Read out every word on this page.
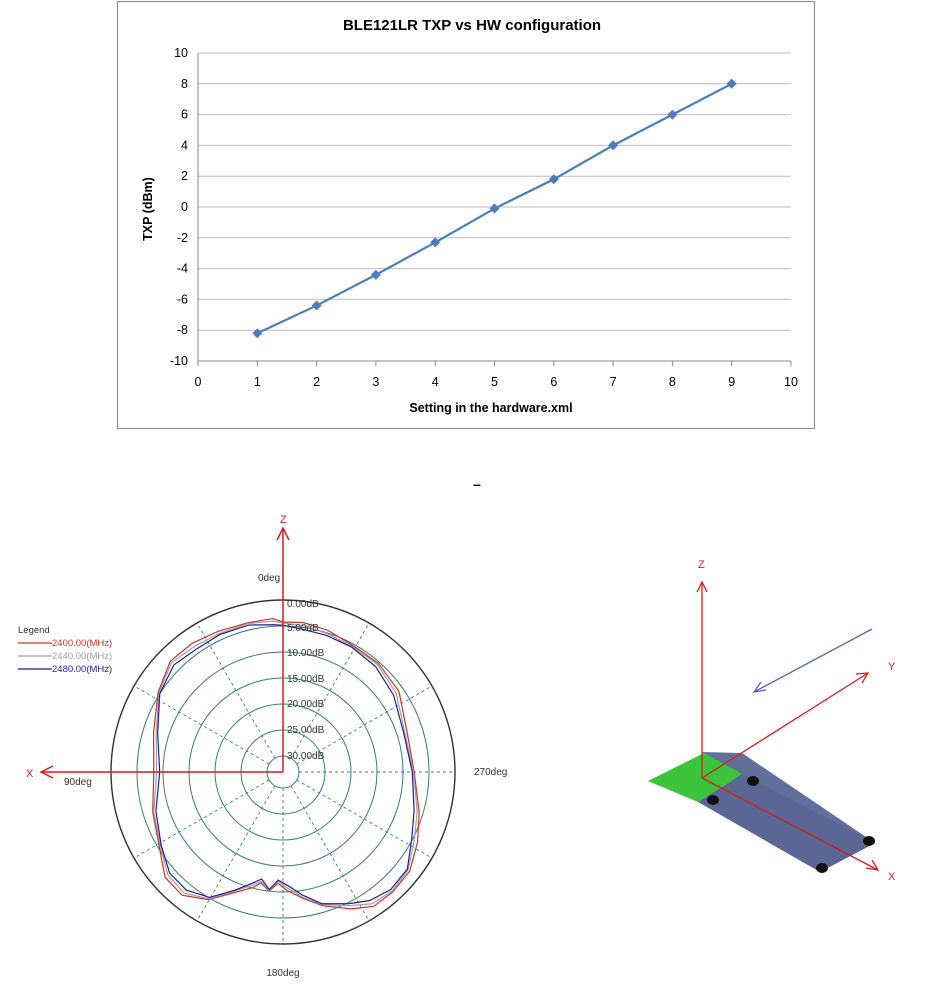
BLE121LR TXP vs HW configuration
10
8
6
4
2
0
-2
-4
-6
-8
-10
0	1	2	3	4	5	6	7	8	9	10
Setting in the hardware.xml
TXP (dBm)
–
0deg
90deg
180deg
270deg
0.00dB
5.00dB
10.00dB
15.00dB
20.00dB
25.00dB
30.00dB
Legend
2400.00(MHz)
2440.00(MHz)
2480.00(MHz)
Z
X
Z
Y
X
